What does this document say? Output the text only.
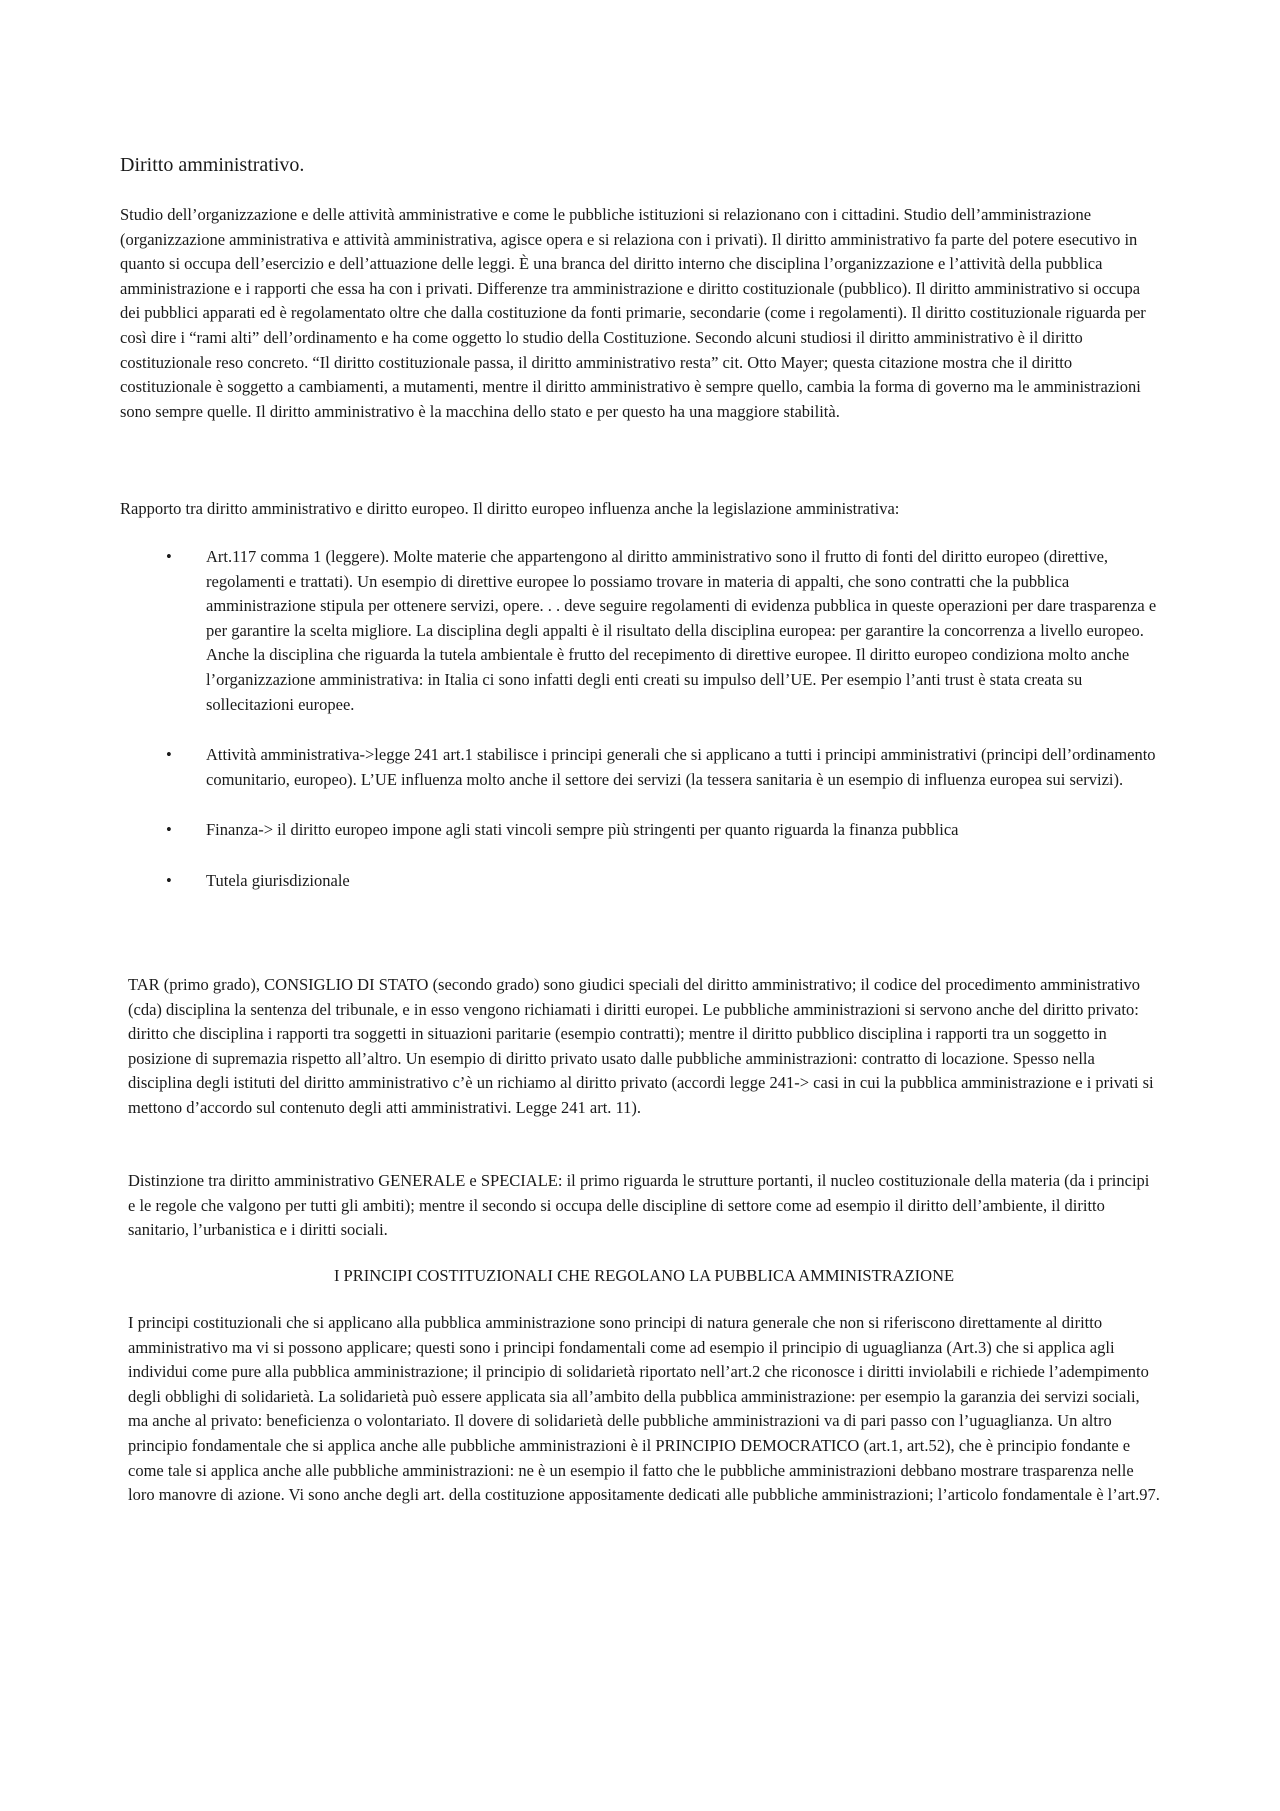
Diritto amministrativo.

Studio dell’organizzazione e delle attività amministrative e come le pubbliche istituzioni si relazionano con i cittadini. Studio dell’amministrazione (organizzazione amministrativa e attività amministrativa, agisce opera e si relaziona con i privati). Il diritto amministrativo fa parte del potere esecutivo in quanto si occupa dell’esercizio e dell’attuazione delle leggi. È una branca del diritto interno che disciplina l’organizzazione e l’attività della pubblica amministrazione e i rapporti che essa ha con i privati. Differenze tra amministrazione e diritto costituzionale (pubblico). Il diritto amministrativo si occupa dei pubblici apparati ed è regolamentato oltre che dalla costituzione da fonti primarie, secondarie (come i regolamenti). Il diritto costituzionale riguarda per così dire i “rami alti” dell’ordinamento e ha come oggetto lo studio della Costituzione. Secondo alcuni studiosi il diritto amministrativo è il diritto costituzionale reso concreto. “Il diritto costituzionale passa, il diritto amministrativo resta” cit. Otto Mayer; questa citazione mostra che il diritto costituzionale è soggetto a cambiamenti, a mutamenti, mentre il diritto amministrativo è sempre quello, cambia la forma di governo ma le amministrazioni sono sempre quelle. Il diritto amministrativo è la macchina dello stato e per questo ha una maggiore stabilità.

Rapporto tra diritto amministrativo e diritto europeo. Il diritto europeo influenza anche la legislazione amministrativa:

• Art.117 comma 1 (leggere). Molte materie che appartengono al diritto amministrativo sono il frutto di fonti del diritto europeo (direttive, regolamenti e trattati). Un esempio di direttive europee lo possiamo trovare in materia di appalti, che sono contratti che la pubblica amministrazione stipula per ottenere servizi, opere. . . deve seguire regolamenti di evidenza pubblica in queste operazioni per dare trasparenza e per garantire la scelta migliore. La disciplina degli appalti è il risultato della disciplina europea: per garantire la concorrenza a livello europeo. Anche la disciplina che riguarda la tutela ambientale è frutto del recepimento di direttive europee. Il diritto europeo condiziona molto anche l’organizzazione amministrativa: in Italia ci sono infatti degli enti creati su impulso dell’UE. Per esempio l’anti trust è stata creata su sollecitazioni europee.
• Attività amministrativa->legge 241 art.1 stabilisce i principi generali che si applicano a tutti i principi amministrativi (principi dell’ordinamento comunitario, europeo). L’UE influenza molto anche il settore dei servizi (la tessera sanitaria è un esempio di influenza europea sui servizi).
• Finanza-> il diritto europeo impone agli stati vincoli sempre più stringenti per quanto riguarda la finanza pubblica
• Tutela giurisdizionale

TAR (primo grado), CONSIGLIO DI STATO (secondo grado) sono giudici speciali del diritto amministrativo; il codice del procedimento amministrativo (cda) disciplina la sentenza del tribunale, e in esso vengono richiamati i diritti europei. Le pubbliche amministrazioni si servono anche del diritto privato: diritto che disciplina i rapporti tra soggetti in situazioni paritarie (esempio contratti); mentre il diritto pubblico disciplina i rapporti tra un soggetto in posizione di supremazia rispetto all’altro. Un esempio di diritto privato usato dalle pubbliche amministrazioni: contratto di locazione. Spesso nella disciplina degli istituti del diritto amministrativo c’è un richiamo al diritto privato (accordi legge 241-> casi in cui la pubblica amministrazione e i privati si mettono d’accordo sul contenuto degli atti amministrativi. Legge 241 art. 11).

Distinzione tra diritto amministrativo GENERALE e SPECIALE: il primo riguarda le strutture portanti, il nucleo costituzionale della materia (da i principi e le regole che valgono per tutti gli ambiti); mentre il secondo si occupa delle discipline di settore come ad esempio il diritto dell’ambiente, il diritto sanitario, l’urbanistica e i diritti sociali.

I PRINCIPI COSTITUZIONALI CHE REGOLANO LA PUBBLICA AMMINISTRAZIONE

I principi costituzionali che si applicano alla pubblica amministrazione sono principi di natura generale che non si riferiscono direttamente al diritto amministrativo ma vi si possono applicare; questi sono i principi fondamentali come ad esempio il principio di uguaglianza (Art.3) che si applica agli individui come pure alla pubblica amministrazione; il principio di solidarietà riportato nell’art.2 che riconosce i diritti inviolabili e richiede l’adempimento degli obblighi di solidarietà. La solidarietà può essere applicata sia all’ambito della pubblica amministrazione: per esempio la garanzia dei servizi sociali, ma anche al privato: beneficienza o volontariato. Il dovere di solidarietà delle pubbliche amministrazioni va di pari passo con l’uguaglianza. Un altro principio fondamentale che si applica anche alle pubbliche amministrazioni è il PRINCIPIO DEMOCRATICO (art.1, art.52), che è principio fondante e come tale si applica anche alle pubbliche amministrazioni: ne è un esempio il fatto che le pubbliche amministrazioni debbano mostrare trasparenza nelle loro manovre di azione. Vi sono anche degli art. della costituzione appositamente dedicati alle pubbliche amministrazioni; l’articolo fondamentale è l’art.97.
